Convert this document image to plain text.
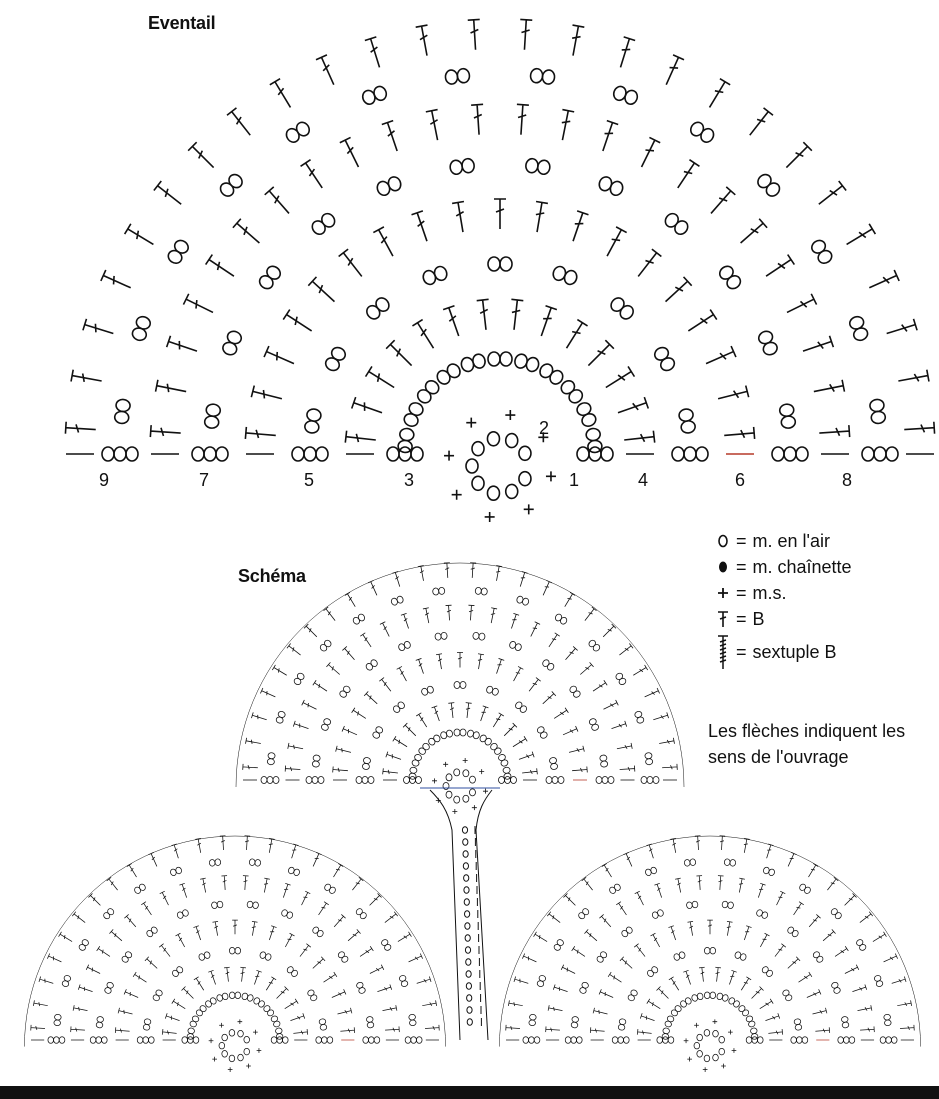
Eventail
Schéma
9	7	5	3
2
1	4	6	8
= m. en l'air
= m. chaînette
= m.s.
= B
= sextuple B
Les flèches indiquent les sens de l'ouvrage
